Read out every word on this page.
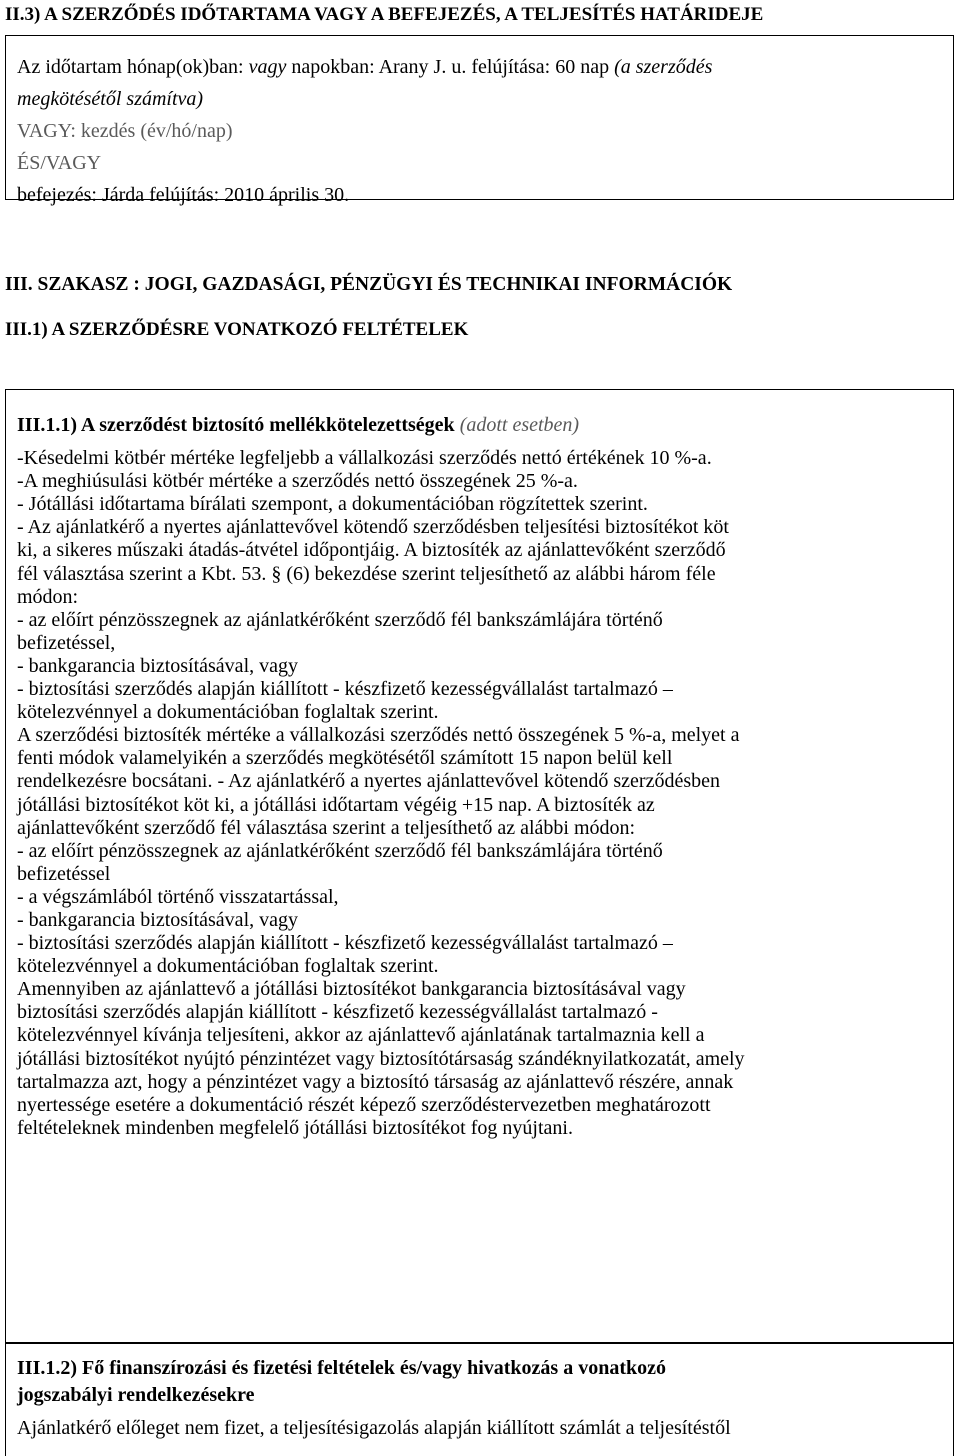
II.3) A SZERZŐDÉS IDŐTARTAMA VAGY A BEFEJEZÉS, A TELJESÍTÉS HATÁRIDEJE
Az időtartam hónap(ok)ban: vagy napokban: Arany J. u. felújítása: 60 nap (a szerződés
megkötésétől számítva)
VAGY: kezdés (év/hó/nap)
ÉS/VAGY
befejezés: Járda felújítás: 2010 április 30.
III. SZAKASZ : JOGI, GAZDASÁGI, PÉNZÜGYI ÉS TECHNIKAI INFORMÁCIÓK
III.1) A SZERZŐDÉSRE VONATKOZÓ FELTÉTELEK
III.1.1) A szerződést biztosító mellékkötelezettségek (adott esetben)
-Késedelmi kötbér mértéke legfeljebb a vállalkozási szerződés nettó értékének 10 %-a.
-A meghiúsulási kötbér mértéke a szerződés nettó összegének 25 %-a.
- Jótállási időtartama bírálati szempont, a dokumentációban rögzítettek szerint.
- Az ajánlatkérő a nyertes ajánlattevővel kötendő szerződésben teljesítési biztosítékot köt
ki, a sikeres műszaki átadás-átvétel időpontjáig. A biztosíték az ajánlattevőként szerződő
fél választása szerint a Kbt. 53. § (6) bekezdése szerint teljesíthető az alábbi három féle
módon:
- az előírt pénzösszegnek az ajánlatkérőként szerződő fél bankszámlájára történő
befizetéssel,
- bankgarancia biztosításával, vagy
- biztosítási szerződés alapján kiállított - készfizető kezességvállalást tartalmazó –
kötelezvénnyel a dokumentációban foglaltak szerint.
A szerződési biztosíték mértéke a vállalkozási szerződés nettó összegének 5 %-a, melyet a
fenti módok valamelyikén a szerződés megkötésétől számított 15 napon belül kell
rendelkezésre bocsátani. - Az ajánlatkérő a nyertes ajánlattevővel kötendő szerződésben
jótállási biztosítékot köt ki, a jótállási időtartam végéig +15 nap. A biztosíték az
ajánlattevőként szerződő fél választása szerint a teljesíthető az alábbi módon:
- az előírt pénzösszegnek az ajánlatkérőként szerződő fél bankszámlájára történő
befizetéssel
- a végszámlából történő visszatartással,
- bankgarancia biztosításával, vagy
- biztosítási szerződés alapján kiállított - készfizető kezességvállalást tartalmazó –
kötelezvénnyel a dokumentációban foglaltak szerint.
Amennyiben az ajánlattevő a jótállási biztosítékot bankgarancia biztosításával vagy
biztosítási szerződés alapján kiállított - készfizető kezességvállalást tartalmazó -
kötelezvénnyel kívánja teljesíteni, akkor az ajánlattevő ajánlatának tartalmaznia kell a
jótállási biztosítékot nyújtó pénzintézet vagy biztosítótársaság szándéknyilatkozatát, amely
tartalmazza azt, hogy a pénzintézet vagy a biztosító társaság az ajánlattevő részére, annak
nyertessége esetére a dokumentáció részét képező szerződéstervezetben meghatározott
feltételeknek mindenben megfelelő jótállási biztosítékot fog nyújtani.
III.1.2) Fő finanszírozási és fizetési feltételek és/vagy hivatkozás a vonatkozó
jogszabályi rendelkezésekre
Ajánlatkérő előleget nem fizet, a teljesítésigazolás alapján kiállított számlát a teljesítéstől
